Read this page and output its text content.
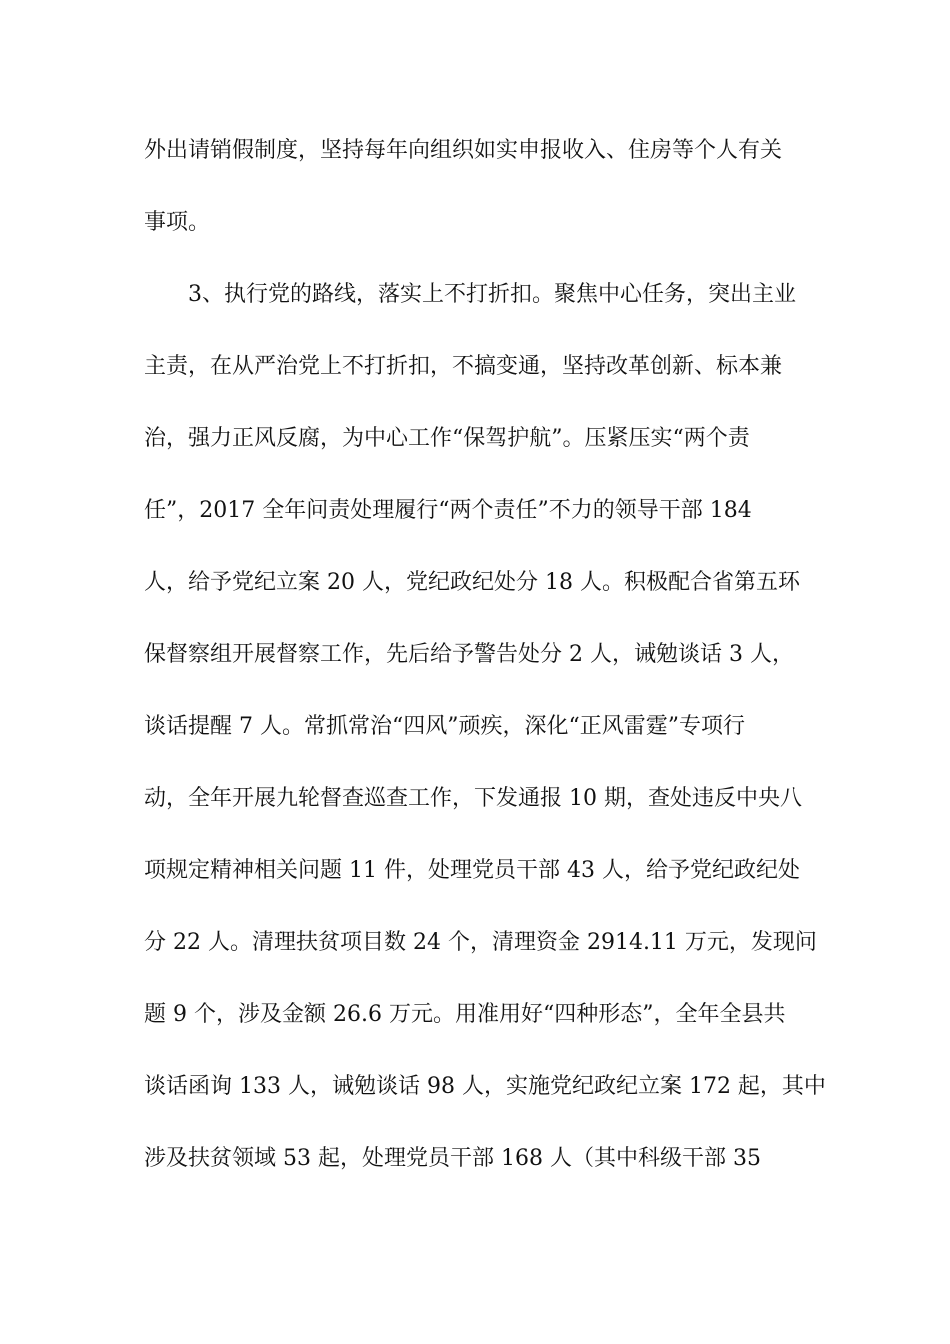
外出请销假制度，坚持每年向组织如实申报收入、住房等个人有关
事项。
3、执行党的路线，落实上不打折扣。聚焦中心任务，突出主业
主责，在从严治党上不打折扣，不搞变通，坚持改革创新、标本兼
治，强力正风反腐，为中心工作“保驾护航”。压紧压实“两个责
任”，2017 全年问责处理履行“两个责任”不力的领导干部 184
人，给予党纪立案 20 人，党纪政纪处分 18 人。积极配合省第五环
保督察组开展督察工作，先后给予警告处分 2 人，诫勉谈话 3 人，
谈话提醒 7 人。常抓常治“四风”顽疾，深化“正风雷霆”专项行
动，全年开展九轮督查巡查工作，下发通报 10 期，查处违反中央八
项规定精神相关问题 11 件，处理党员干部 43 人，给予党纪政纪处
分 22 人。清理扶贫项目数 24 个，清理资金 2914.11 万元，发现问
题 9 个，涉及金额 26.6 万元。用准用好“四种形态”，全年全县共
谈话函询 133 人，诫勉谈话 98 人，实施党纪政纪立案 172 起，其中
涉及扶贫领域 53 起，处理党员干部 168 人（其中科级干部 35
